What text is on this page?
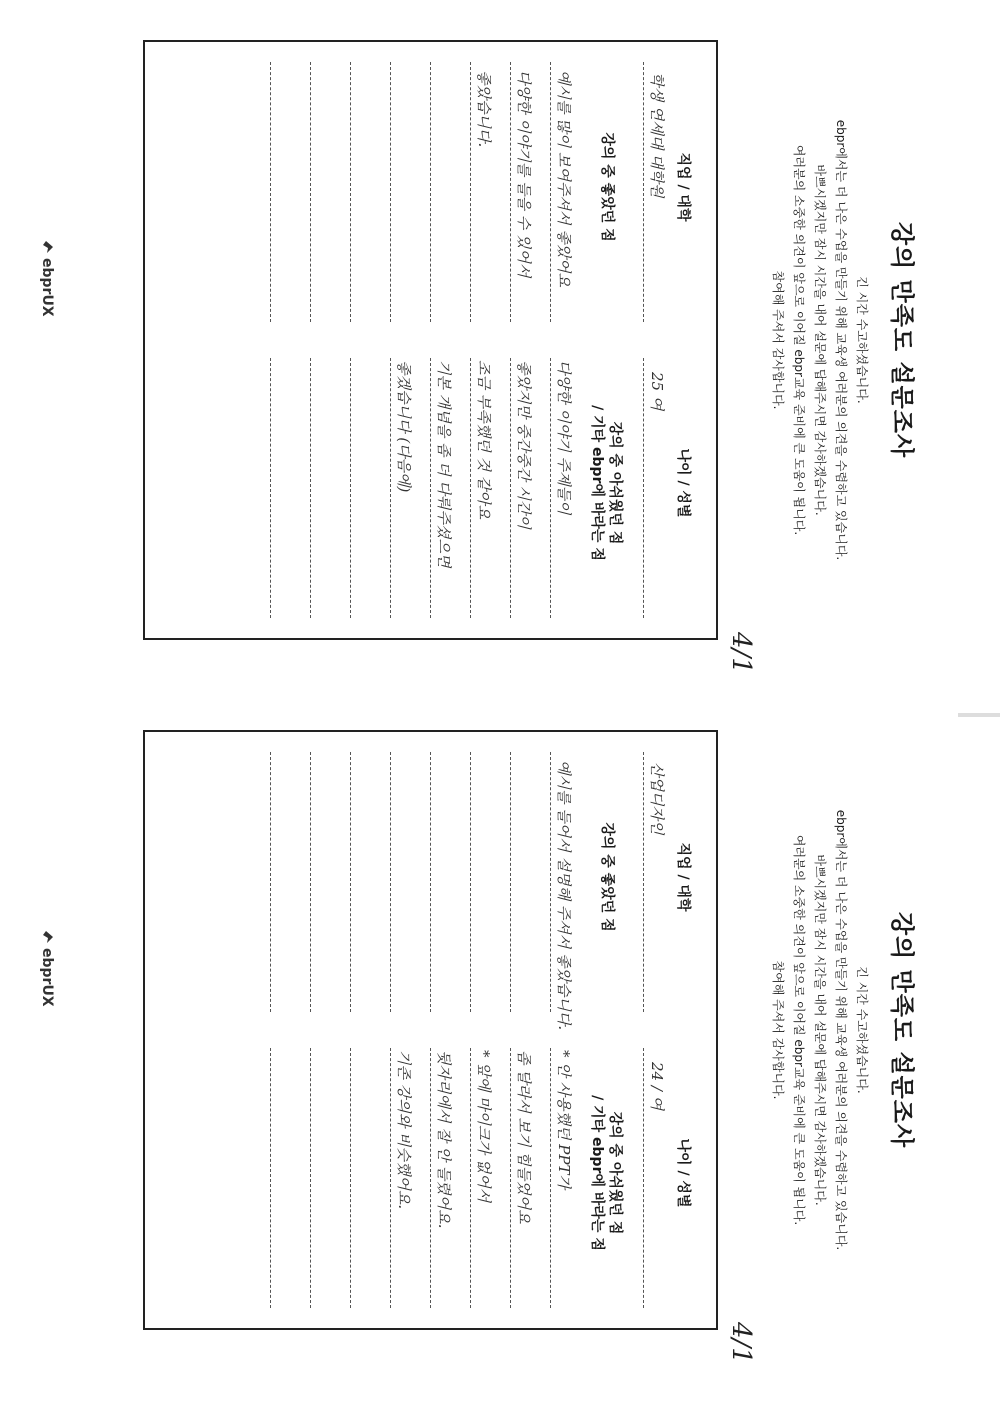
강의 만족도 설문조사
긴 시간 수고하셨습니다.
ebpr에서는 더 나은 수업을 만들기 위해 교육생 여러분의 의견을 수렴하고 있습니다.
바쁘시겠지만 잠시 시간을 내어 설문에 답해주시면 감사하겠습니다.
여러분의 소중한 의견이 앞으로 이어질 ebpr교육 준비에 큰 도움이 됩니다.
참여해 주셔서 감사합니다.
직업 / 대학
나이 / 성별
학생 연세대 대학원
25 여
강의 중 좋았던 점
강의 중 아쉬웠던 점
/ 기타 ebpr에 바라는 점
예시를 많이 보여주셔서 좋았어요
다양한 이야기를 들을 수 있어서
좋았습니다.
다양한 이야기 주제들이
좋았지만 중간중간 시간이
조금 부족했던 것 같아요
기본 개념을 좀 더 다뤄주셨으면
좋겠습니다 (다음에)
4/1
ebprUX
강의 만족도 설문조사
긴 시간 수고하셨습니다.
ebpr에서는 더 나은 수업을 만들기 위해 교육생 여러분의 의견을 수렴하고 있습니다.
바쁘시겠지만 잠시 시간을 내어 설문에 답해주시면 감사하겠습니다.
여러분의 소중한 의견이 앞으로 이어질 ebpr교육 준비에 큰 도움이 됩니다.
참여해 주셔서 감사합니다.
직업 / 대학
나이 / 성별
산업디자인
24 / 여
강의 중 좋았던 점
강의 중 아쉬웠던 점
/ 기타 ebpr에 바라는 점
예시를 들어서 설명해 주셔서 좋았습니다.
* 안 사용했던 PPT가
좀 달라서 보기 힘들었어요
* 앞에 마이크가 없어서
뒷자리에서 잘 안 들렸어요.
기존 강의와 비슷했어요.
4/1
ebprUX
